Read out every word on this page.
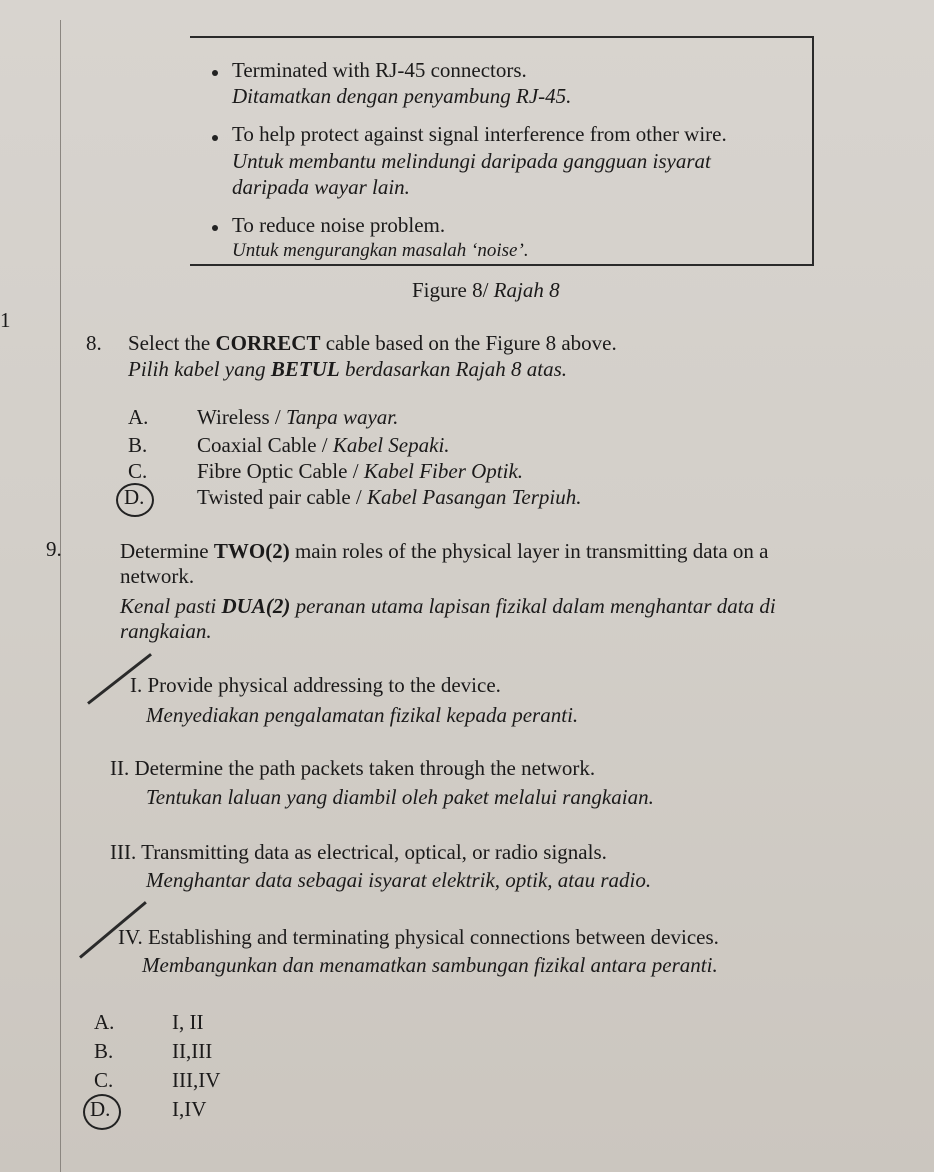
Terminated with RJ-45 connectors.
Ditamatkan dengan penyambung RJ-45.
To help protect against signal interference from other wire.
Untuk membantu melindungi daripada gangguan isyarat
daripada wayar lain.
To reduce noise problem.
Untuk mengurangkan masalah ‘noise’.
Figure 8/ Rajah 8
1
8. Select the CORRECT cable based on the Figure 8 above.
Pilih kabel yang BETUL berdasarkan Rajah 8 atas.
A. Wireless / Tanpa wayar.
B. Coaxial Cable / Kabel Sepaki.
C. Fibre Optic Cable / Kabel Fiber Optik.
D.	Twisted pair cable / Kabel Pasangan Terpiuh.
9.	Determine TWO(2) main roles of the physical layer in transmitting data on a
network.
Kenal pasti DUA(2) peranan utama lapisan fizikal dalam menghantar data di
rangkaian.
I. Provide physical addressing to the device.
Menyediakan pengalamatan fizikal kepada peranti.
II. Determine the path packets taken through the network.
Tentukan laluan yang diambil oleh paket melalui rangkaian.
III. Transmitting data as electrical, optical, or radio signals.
Menghantar data sebagai isyarat elektrik, optik, atau radio.
IV. Establishing and terminating physical connections between devices.
Membangunkan dan menamatkan sambungan fizikal antara peranti.
A.	I, II
B.	II,III
C.	III,IV
D.	I,IV
